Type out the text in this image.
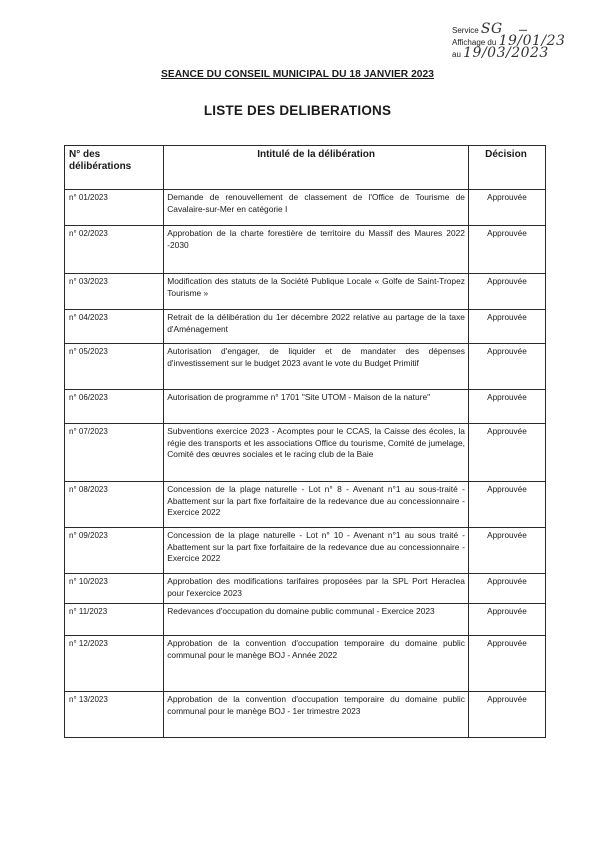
Service SG	▬▬
Affichage du 19/01/23
au 19/03/2023
SEANCE DU CONSEIL MUNICIPAL DU 18 JANVIER 2023
LISTE DES DELIBERATIONS
N° des délibérations	Intitulé de la délibération	Décision
n° 01/2023	Demande de renouvellement de classement de l'Office de Tourisme de Cavalaire-sur-Mer en catégorie I	Approuvée
n° 02/2023	Approbation de la charte forestière de territoire du Massif des Maures 2022 -2030	Approuvée
n° 03/2023	Modification des statuts de la Société Publique Locale « Golfe de Saint-Tropez Tourisme »	Approuvée
n° 04/2023	Retrait de la délibération du 1er décembre 2022 relative au partage de la taxe d'Aménagement	Approuvée
n° 05/2023	Autorisation d'engager, de liquider et de mandater des dépenses d'investissement sur le budget 2023 avant le vote du Budget Primitif	Approuvée
n° 06/2023	Autorisation de programme n° 1701 "Site UTOM - Maison de la nature"	Approuvée
n° 07/2023	Subventions exercice 2023 - Acomptes pour le CCAS, la Caisse des écoles, la régie des transports et les associations Office du tourisme, Comité de jumelage, Comité des œuvres sociales et le racing club de la Baie	Approuvée
n° 08/2023	Concession de la plage naturelle - Lot n° 8 - Avenant n°1 au sous-traité - Abattement sur la part fixe forfaitaire de la redevance due au concessionnaire - Exercice 2022	Approuvée
n° 09/2023	Concession de la plage naturelle - Lot n° 10 - Avenant n°1 au sous traité - Abattement sur la part fixe forfaitaire de la redevance due au concessionnaire - Exercice 2022	Approuvée
n° 10/2023	Approbation des modifications tarifaires proposées par la SPL Port Heraclea pour l'exercice 2023	Approuvée
n° 11/2023	Redevances d'occupation du domaine public communal - Exercice 2023	Approuvée
n° 12/2023	Approbation de la convention d'occupation temporaire du domaine public communal pour le manège BOJ - Année 2022	Approuvée
n° 13/2023	Approbation de la convention d'occupation temporaire du domaine public communal pour le manège BOJ - 1er trimestre 2023	Approuvée
